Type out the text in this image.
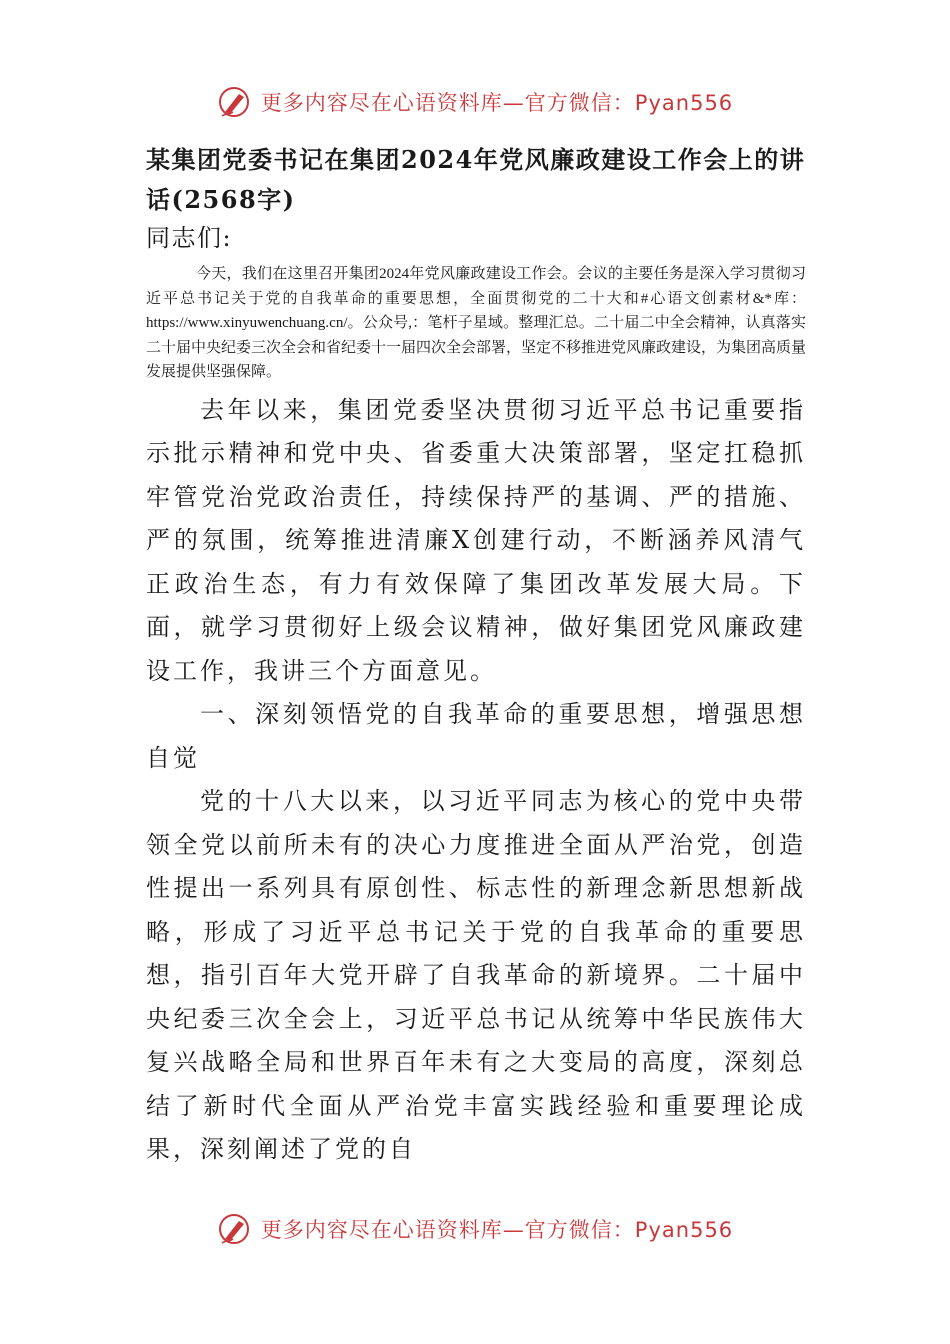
更多内容尽在心语资料库—官方微信：Pyan556
某集团党委书记在集团2024年党风廉政建设工作会上的讲话(2568字)

同志们:

今天，我们在这里召开集团2024年党风廉政建设工作会。会议的主要任务是深入学习贯彻习近平总书记关于党的自我革命的重要思想，全面贯彻党的二十大和#心语文创素材&*库：https://www.xinyuwenchuang.cn/。公众号,：笔杆子星域。整理汇总。二十届二中全会精神，认真落实二十届中央纪委三次全会和省纪委十一届四次全会部署，坚定不移推进党风廉政建设，为集团高质量发展提供坚强保障。

去年以来，集团党委坚决贯彻习近平总书记重要指示批示精神和党中央、省委重大决策部署，坚定扛稳抓牢管党治党政治责任，持续保持严的基调、严的措施、严的氛围，统筹推进清廉X创建行动，不断涵养风清气正政治生态，有力有效保障了集团改革发展大局。下面，就学习贯彻好上级会议精神，做好集团党风廉政建设工作，我讲三个方面意见。

一、深刻领悟党的自我革命的重要思想，增强思想自觉

党的十八大以来，以习近平同志为核心的党中央带领全党以前所未有的决心力度推进全面从严治党，创造性提出一系列具有原创性、标志性的新理念新思想新战略，形成了习近平总书记关于党的自我革命的重要思想，指引百年大党开辟了自我革命的新境界。二十届中央纪委三次全会上，习近平总书记从统筹中华民族伟大复兴战略全局和世界百年未有之大变局的高度，深刻总结了新时代全面从严治党丰富实践经验和重要理论成果，深刻阐述了党的自

更多内容尽在心语资料库—官方微信：Pyan556
